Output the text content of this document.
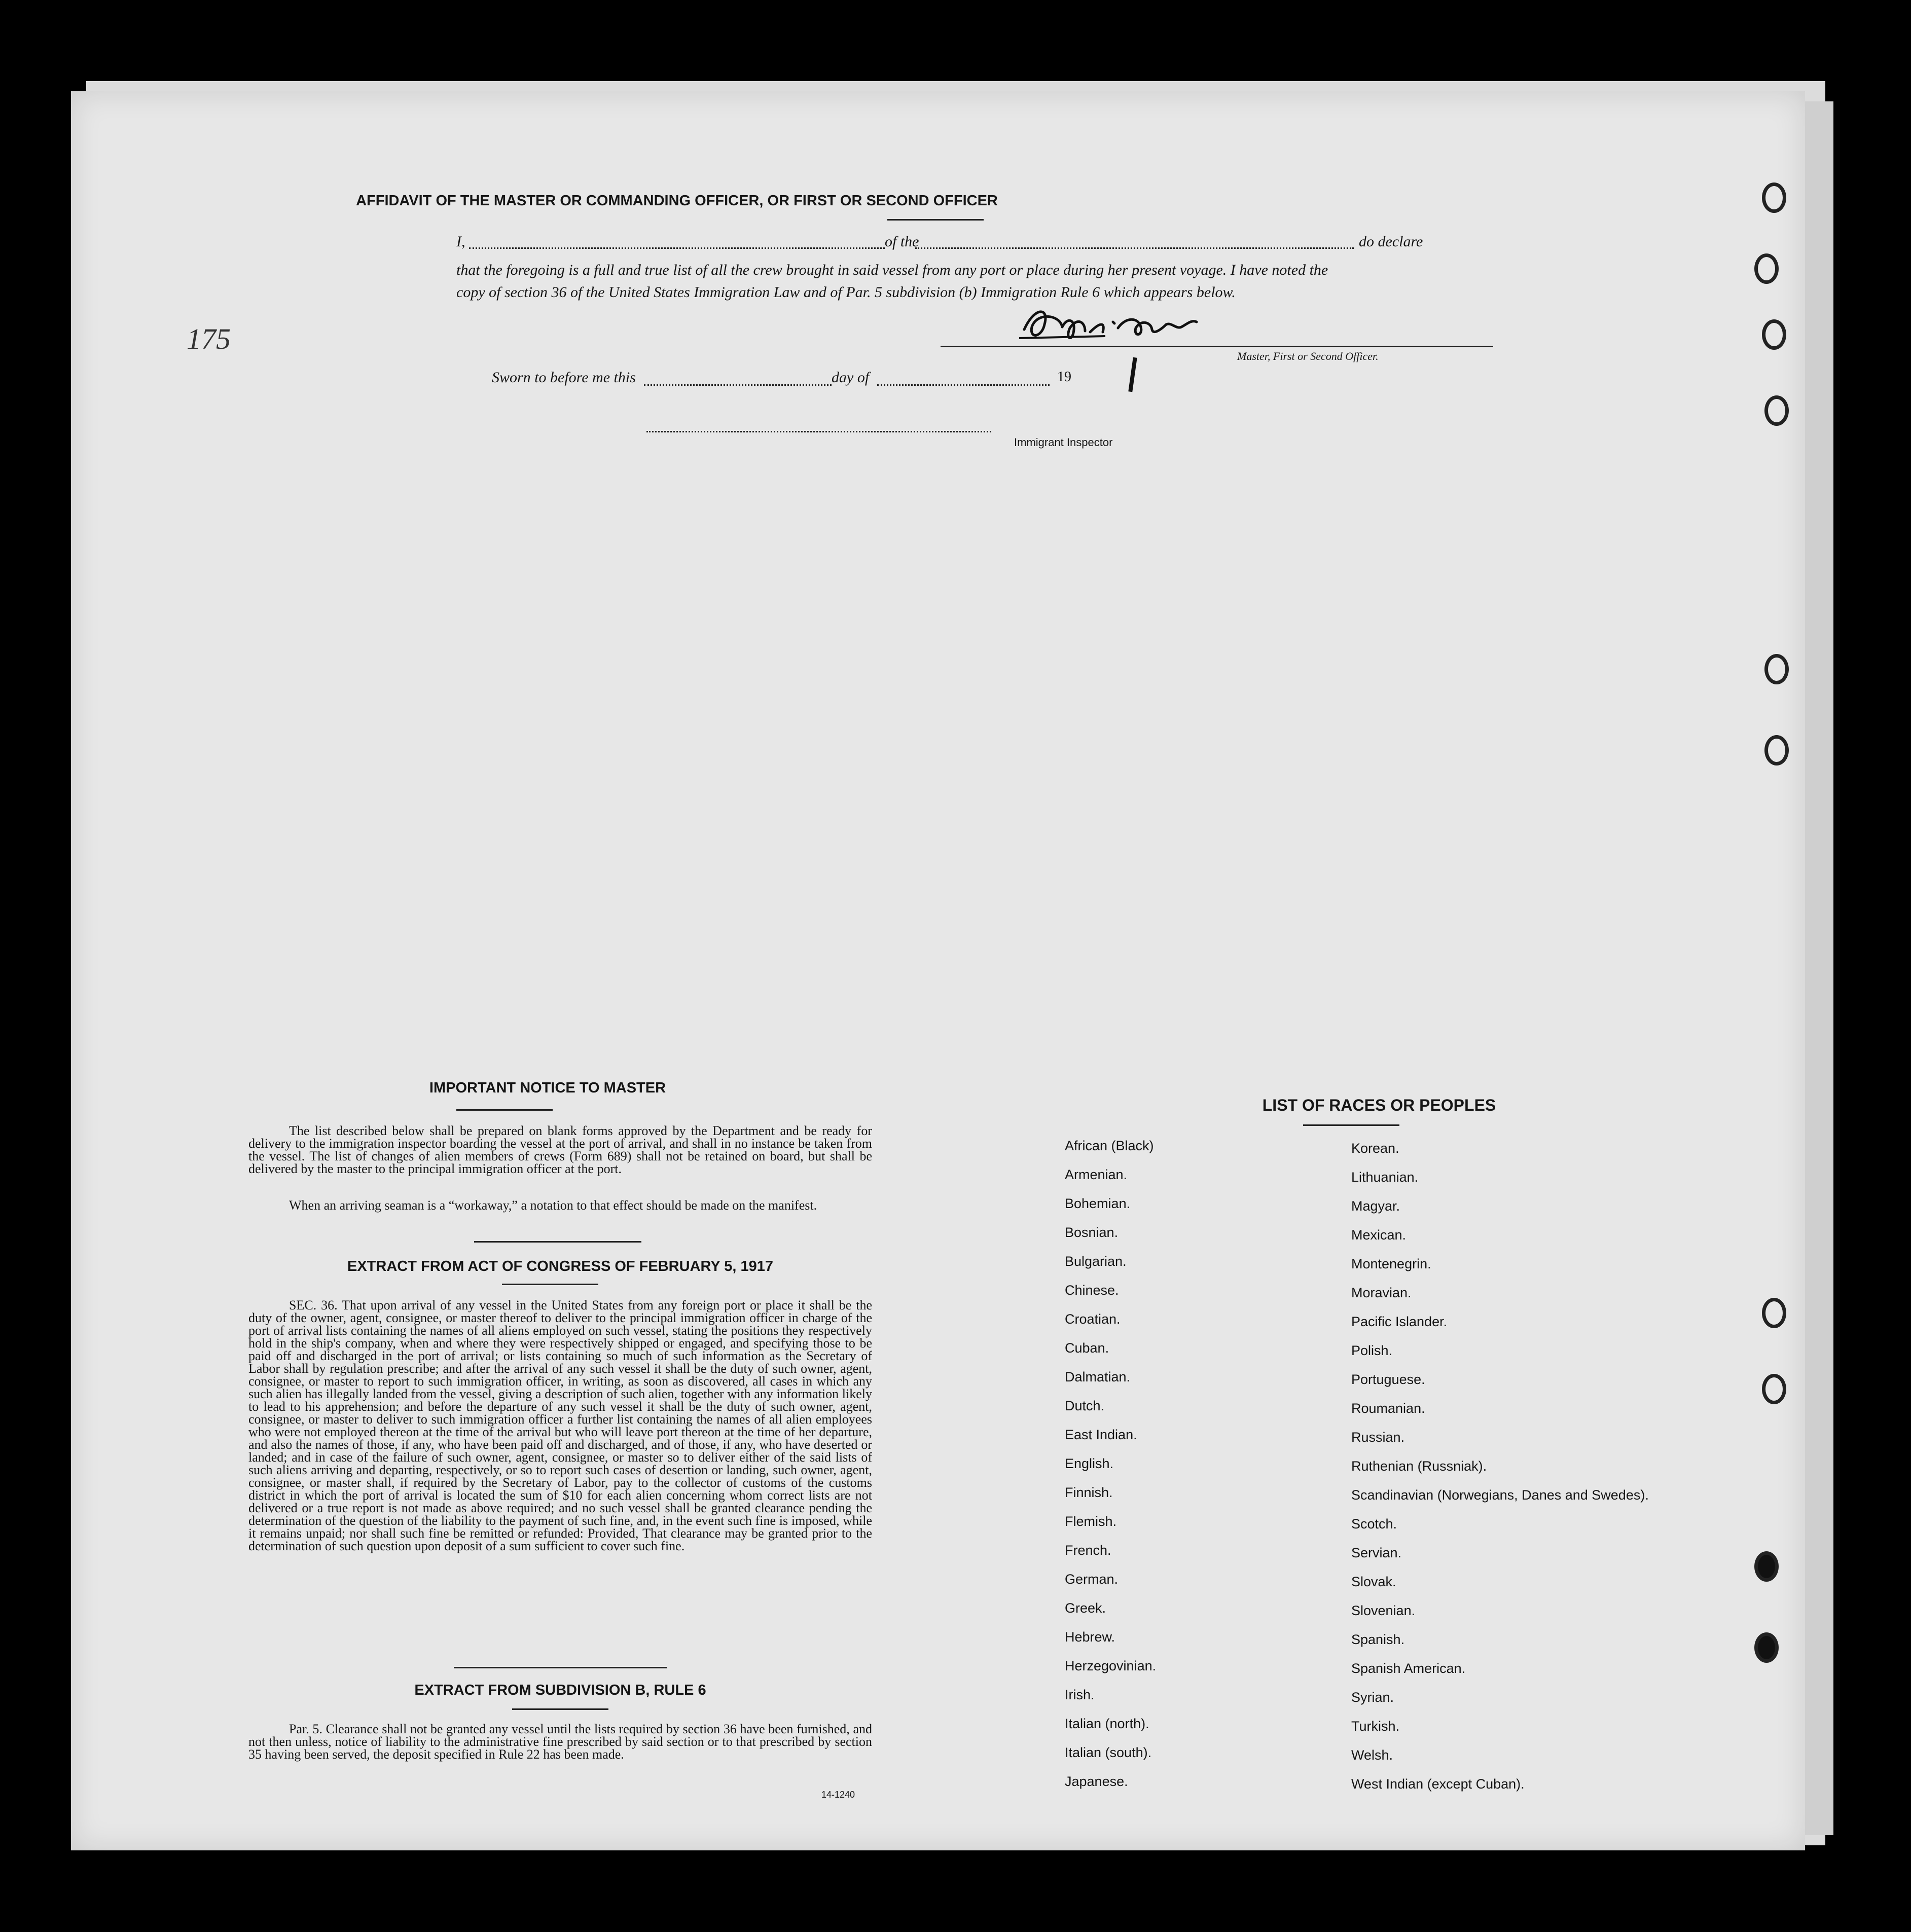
175
AFFIDAVIT OF THE MASTER OR COMMANDING OFFICER, OR FIRST OR SECOND OFFICER
I,	of the	do declare
that the foregoing is a full and true list of all the crew brought in said vessel from any port or place during her present voyage. I have noted the
copy of section 36 of the United States Immigration Law and of Par. 5 subdivision (b) Immigration Rule 6 which appears below.
Master, First or Second Officer.
Sworn to before me this	day of	19
Immigrant Inspector
IMPORTANT NOTICE TO MASTER
The list described below shall be prepared on blank forms approved by the Department and be ready for delivery to the immigration inspector boarding the vessel at the port of arrival, and shall in no instance be taken from the vessel. The list of changes of alien members of crews (Form 689) shall not be retained on board, but shall be delivered by the master to the principal immigration officer at the port.
When an arriving seaman is a “workaway,” a notation to that effect should be made on the manifest.
EXTRACT FROM ACT OF CONGRESS OF FEBRUARY 5, 1917
SEC. 36. That upon arrival of any vessel in the United States from any foreign port or place it shall be the duty of the owner, agent, consignee, or master thereof to deliver to the principal immigration officer in charge of the port of arrival lists containing the names of all aliens employed on such vessel, stating the positions they respectively hold in the ship's company, when and where they were respectively shipped or engaged, and specifying those to be paid off and discharged in the port of arrival; or lists containing so much of such information as the Secretary of Labor shall by regulation prescribe; and after the arrival of any such vessel it shall be the duty of such owner, agent, consignee, or master to report to such immigration officer, in writing, as soon as discovered, all cases in which any such alien has illegally landed from the vessel, giving a description of such alien, together with any information likely to lead to his apprehension; and before the departure of any such vessel it shall be the duty of such owner, agent, consignee, or master to deliver to such immigration officer a further list containing the names of all alien employees who were not employed thereon at the time of the arrival but who will leave port thereon at the time of her departure, and also the names of those, if any, who have been paid off and discharged, and of those, if any, who have deserted or landed; and in case of the failure of such owner, agent, consignee, or master so to deliver either of the said lists of such aliens arriving and departing, respectively, or so to report such cases of desertion or landing, such owner, agent, consignee, or master shall, if required by the Secretary of Labor, pay to the collector of customs of the customs district in which the port of arrival is located the sum of $10 for each alien concerning whom correct lists are not delivered or a true report is not made as above required; and no such vessel shall be granted clearance pending the determination of the question of the liability to the payment of such fine, and, in the event such fine is imposed, while it remains unpaid; nor shall such fine be remitted or refunded: Provided, That clearance may be granted prior to the determination of such question upon deposit of a sum sufficient to cover such fine.
EXTRACT FROM SUBDIVISION B, RULE 6
Par. 5. Clearance shall not be granted any vessel until the lists required by section 36 have been furnished, and not then unless, notice of liability to the administrative fine prescribed by said section or to that prescribed by section 35 having been served, the deposit specified in Rule 22 has been made.
14-1240
LIST OF RACES OR PEOPLES
African (Black)
Armenian.
Bohemian.
Bosnian.
Bulgarian.
Chinese.
Croatian.
Cuban.
Dalmatian.
Dutch.
East Indian.
English.
Finnish.
Flemish.
French.
German.
Greek.
Hebrew.
Herzegovinian.
Irish.
Italian (north).
Italian (south).
Japanese.
Korean.
Lithuanian.
Magyar.
Mexican.
Montenegrin.
Moravian.
Pacific Islander.
Polish.
Portuguese.
Roumanian.
Russian.
Ruthenian (Russniak).
Scandinavian (Norwegians, Danes and Swedes).
Scotch.
Servian.
Slovak.
Slovenian.
Spanish.
Spanish American.
Syrian.
Turkish.
Welsh.
West Indian (except Cuban).
